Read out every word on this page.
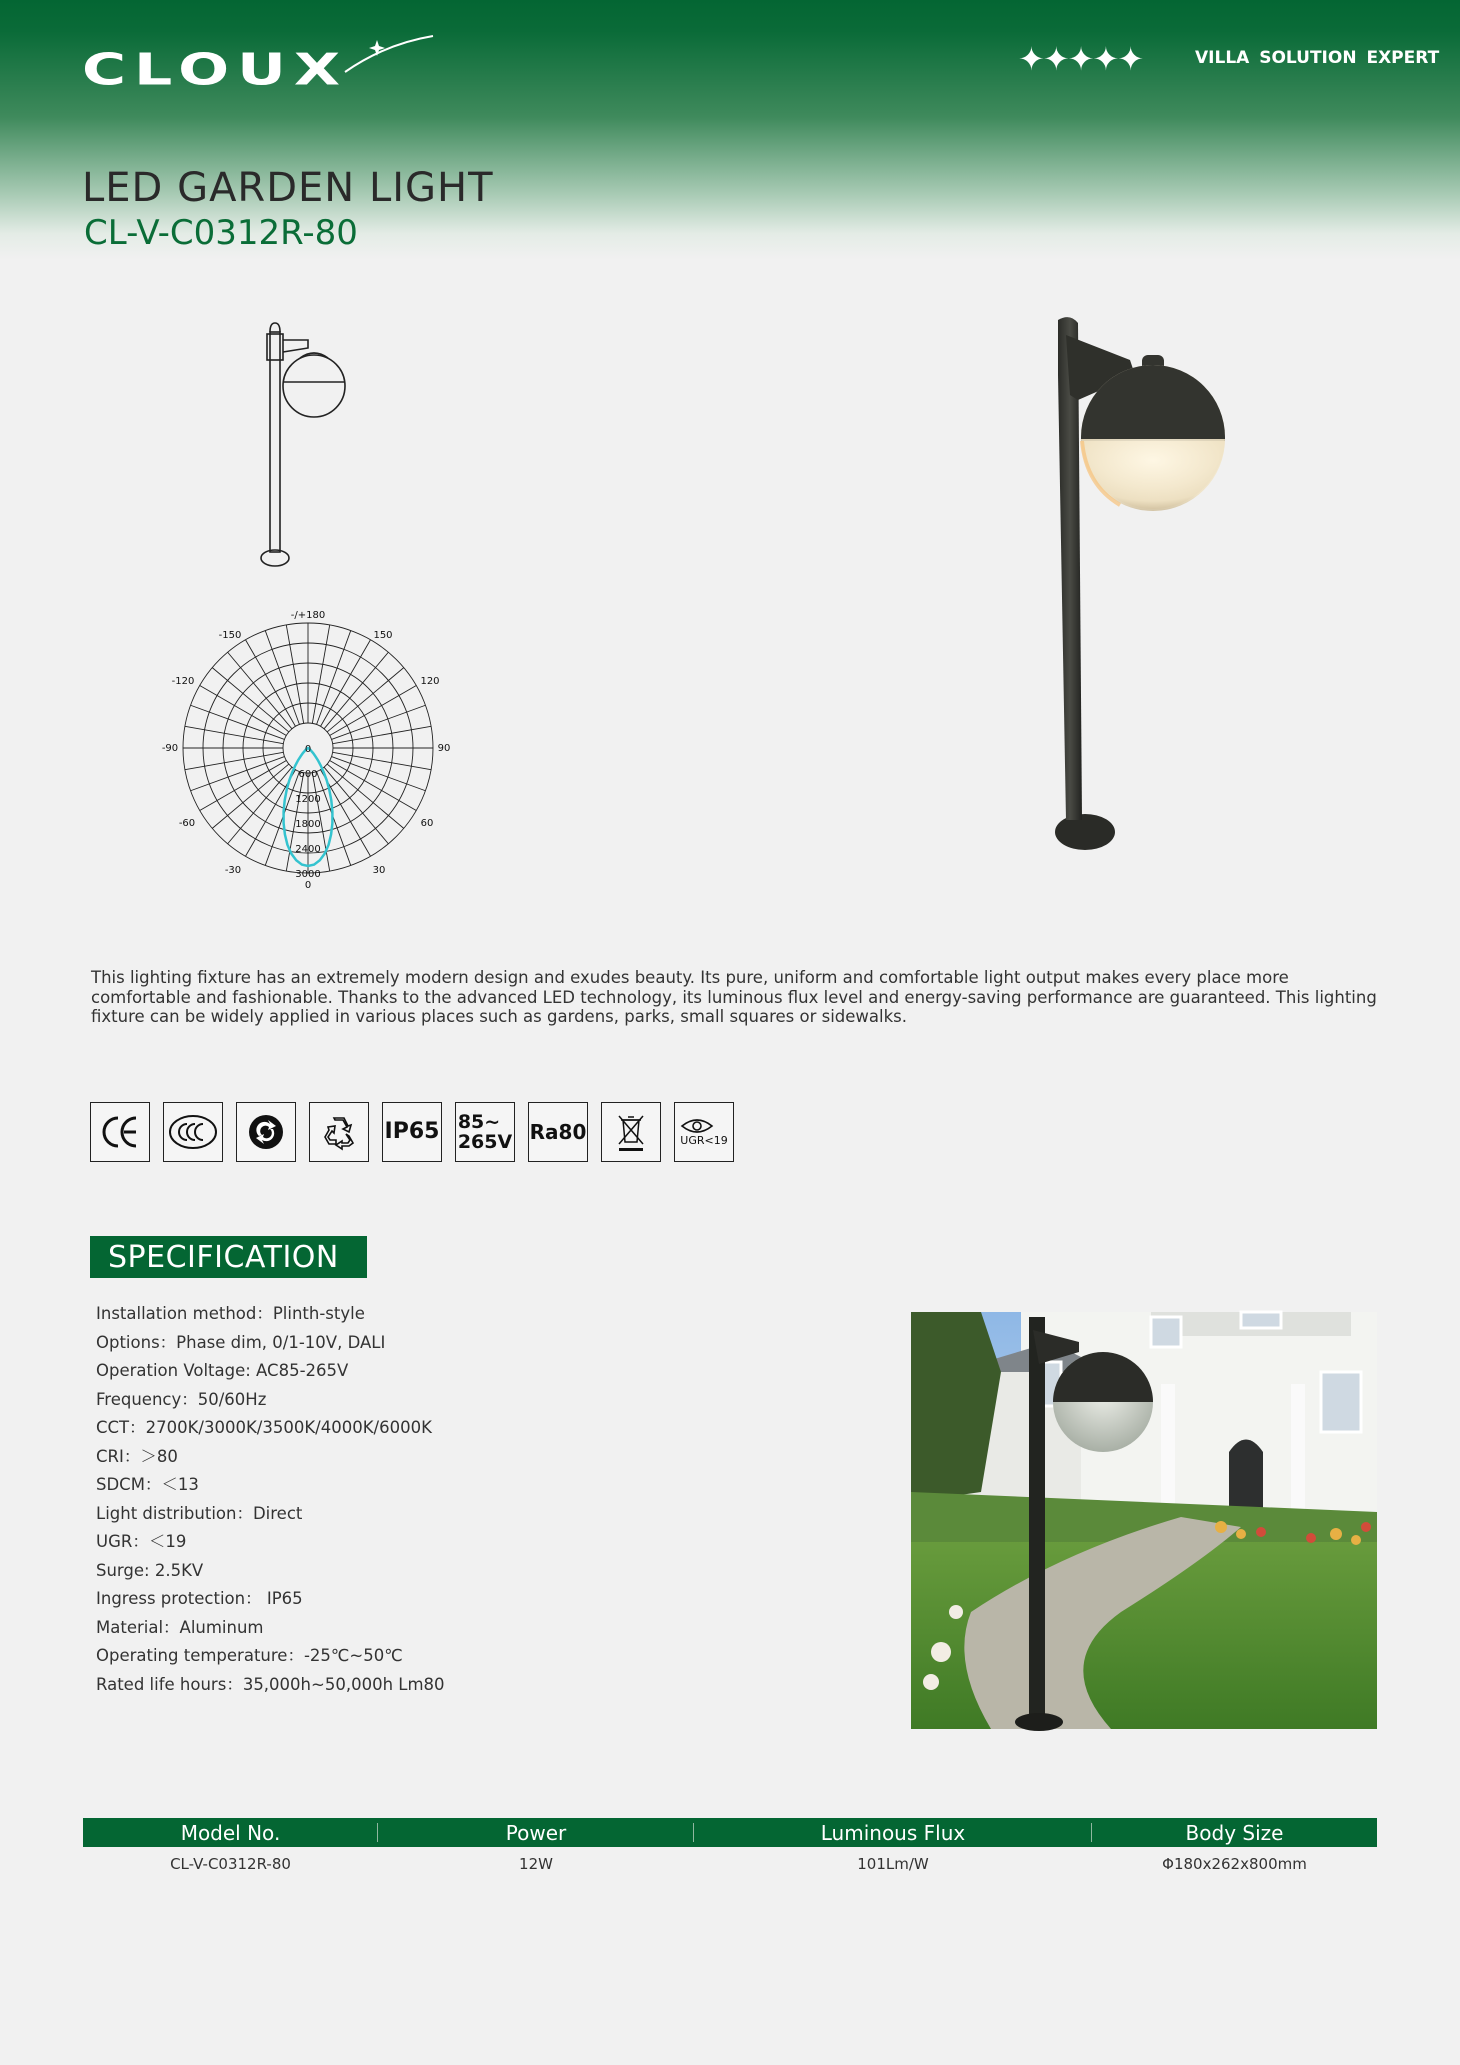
CLOUX	✦✦✦✦✦	VILLA SOLUTION EXPERT
LED GARDEN LIGHT
CL-V-C0312R-80
-/+180
-150	150
-120	120
-90	90
-60	60
-30	30
0
0
600
1200
1800
2400
3000
This lighting fixture has an extremely modern design and exudes beauty. Its pure, uniform and comfortable light output makes every place more comfortable and fashionable. Thanks to the advanced LED technology, its luminous flux level and energy-saving performance are guaranteed. This lighting fixture can be widely applied in various places such as gardens, parks, small squares or sidewalks.
IP65 85~
265V Ra80	UGR<19
SPECIFICATION
Installation method：Plinth-style
Options：Phase dim, 0/1-10V, DALI
Operation Voltage: AC85-265V
Frequency：50/60Hz
CCT：2700K/3000K/3500K/4000K/6000K
CRI：＞80
SDCM：＜13
Light distribution：Direct
UGR：＜19
Surge: 2.5KV
Ingress protection： IP65
Material：Aluminum
Operating temperature：-25℃~50℃
Rated life hours：35,000h~50,000h Lm80
Model No.	Power	Luminous Flux	Body Size
CL-V-C0312R-80	12W	101Lm/W	Φ180x262x800mm
